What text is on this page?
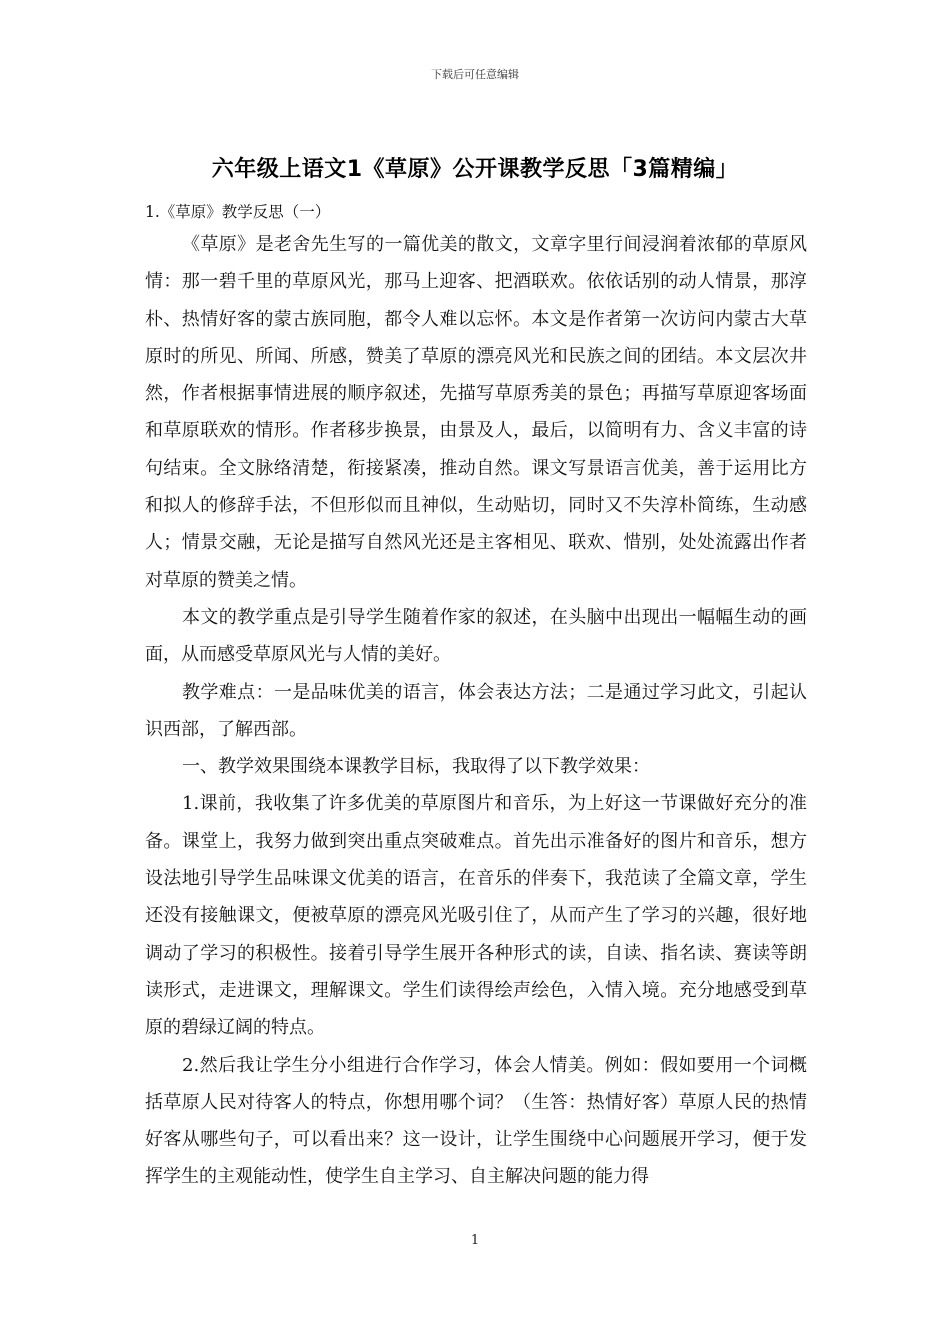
下载后可任意编辑
六年级上语文1《草原》公开课教学反思「3篇精编」

1.《草原》教学反思（一）

《草原》是老舍先生写的一篇优美的散文，文章字里行间浸润着浓郁的草原风情：那一碧千里的草原风光，那马上迎客、把酒联欢。依依话别的动人情景，那淳朴、热情好客的蒙古族同胞，都令人难以忘怀。本文是作者第一次访问内蒙古大草原时的所见、所闻、所感，赞美了草原的漂亮风光和民族之间的团结。本文层次井然，作者根据事情进展的顺序叙述，先描写草原秀美的景色；再描写草原迎客场面和草原联欢的情形。作者移步换景，由景及人，最后，以简明有力、含义丰富的诗句结束。全文脉络清楚，衔接紧凑，推动自然。课文写景语言优美，善于运用比方和拟人的修辞手法，不但形似而且神似，生动贴切，同时又不失淳朴简练，生动感人；情景交融，无论是描写自然风光还是主客相见、联欢、惜别，处处流露出作者对草原的赞美之情。

本文的教学重点是引导学生随着作家的叙述，在头脑中出现出一幅幅生动的画面，从而感受草原风光与人情的美好。

教学难点：一是品味优美的语言，体会表达方法；二是通过学习此文，引起认识西部，了解西部。

一、教学效果围绕本课教学目标，我取得了以下教学效果：

1.课前，我收集了许多优美的草原图片和音乐，为上好这一节课做好充分的准备。课堂上，我努力做到突出重点突破难点。首先出示准备好的图片和音乐，想方设法地引导学生品味课文优美的语言，在音乐的伴奏下，我范读了全篇文章，学生还没有接触课文，便被草原的漂亮风光吸引住了，从而产生了学习的兴趣，很好地调动了学习的积极性。接着引导学生展开各种形式的读，自读、指名读、赛读等朗读形式，走进课文，理解课文。学生们读得绘声绘色，入情入境。充分地感受到草原的碧绿辽阔的特点。

2.然后我让学生分小组进行合作学习，体会人情美。例如：假如要用一个词概括草原人民对待客人的特点，你想用哪个词？（生答：热情好客）草原人民的热情好客从哪些句子，可以看出来？这一设计，让学生围绕中心问题展开学习，便于发挥学生的主观能动性，使学生自主学习、自主解决问题的能力得

1
